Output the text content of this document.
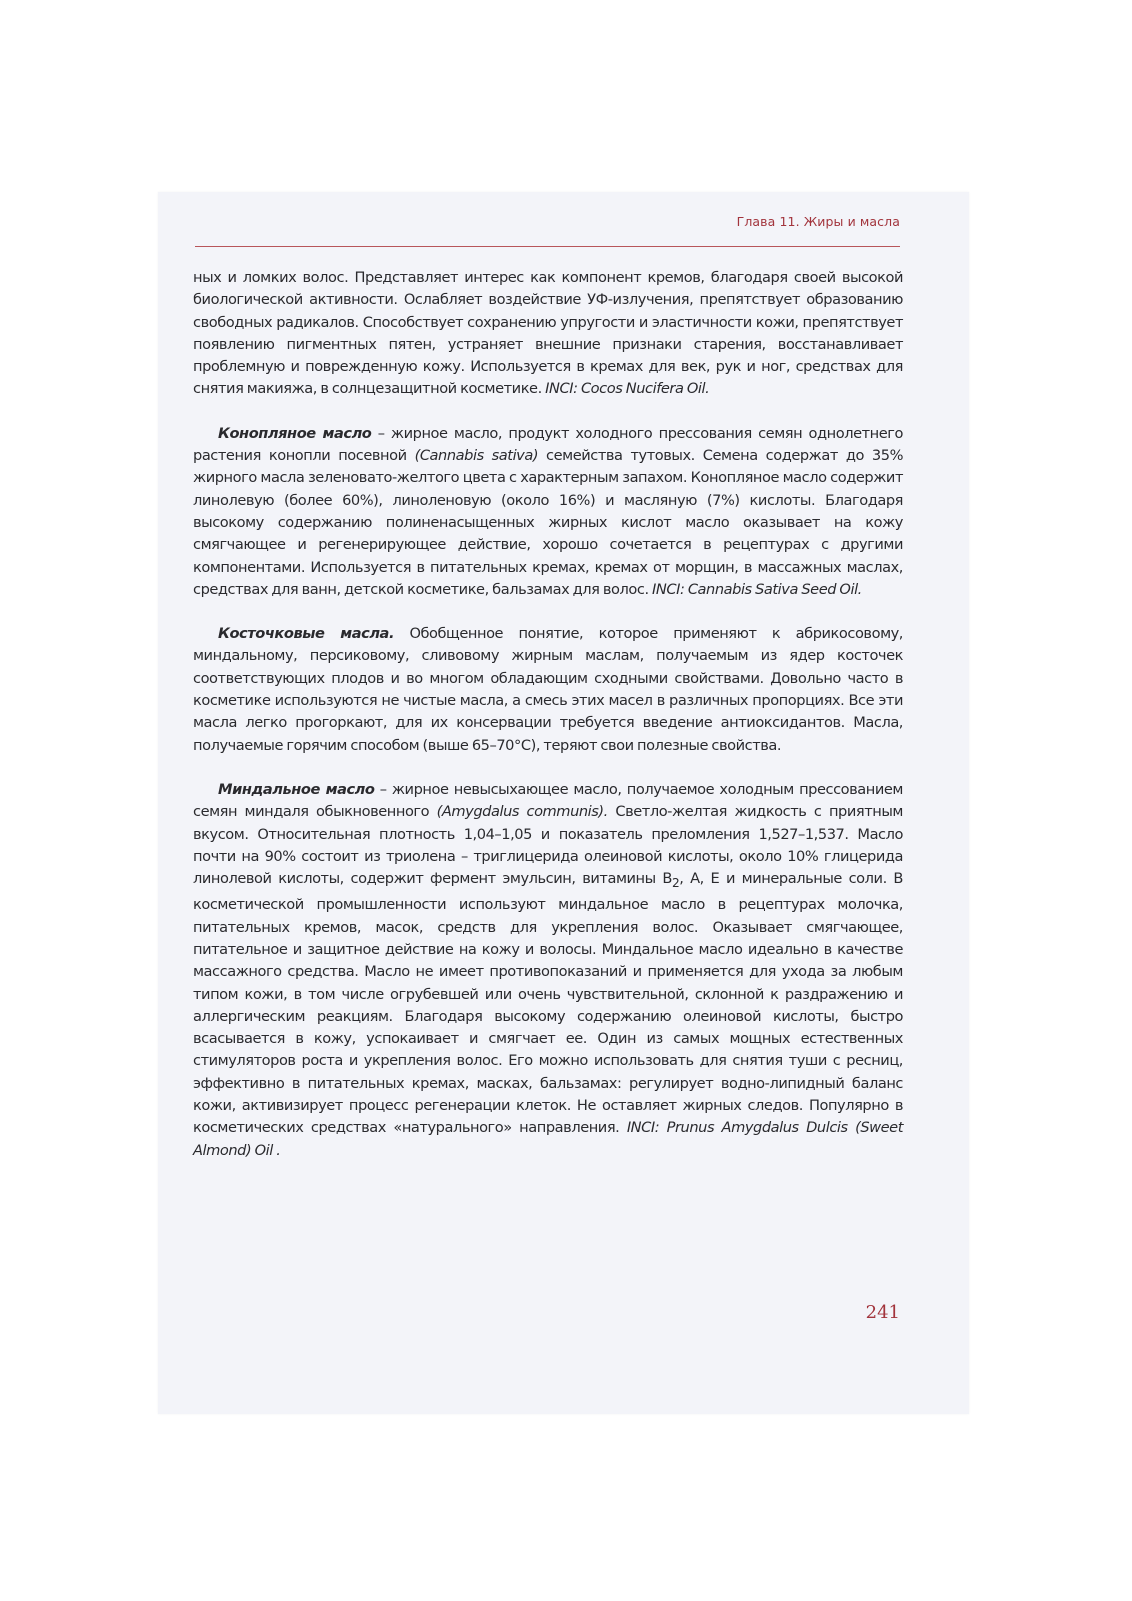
Глава 11. Жиры и масла

ных и ломких волос. Представляет интерес как компонент кремов, благодаря своей высокой биологической активности. Ослабляет воздействие УФ-излучения, препятствует образованию свободных радикалов. Способствует сохранению упругости и эластичности кожи, препятствует появлению пигментных пятен, устраняет внешние признаки старения, восстанавливает проблемную и поврежденную кожу. Используется в кремах для век, рук и ног, средствах для снятия макияжа, в солнцезащитной косметике. INCI: Cocos Nucifera Oil.

Конопляное масло – жирное масло, продукт холодного прессования семян однолетнего растения конопли посевной (Cannabis sativa) семейства тутовых. Семена содержат до 35% жирного масла зеленовато-желтого цвета с характерным запахом. Конопляное масло содержит линолевую (более 60%), линоленовую (около 16%) и масляную (7%) кислоты. Благодаря высокому содержанию полиненасыщенных жирных кислот масло оказывает на кожу смягчающее и регенерирующее действие, хорошо сочетается в рецептурах с другими компонентами. Используется в питательных кремах, кремах от морщин, в массажных маслах, средствах для ванн, детской косметике, бальзамах для волос. INCI: Cannabis Sativa Seed Oil.

Косточковые масла. Обобщенное понятие, которое применяют к абрикосовому, миндальному, персиковому, сливовому жирным маслам, получаемым из ядер косточек соответствующих плодов и во многом обладающим сходными свойствами. Довольно часто в косметике используются не чистые масла, а смесь этих масел в различных пропорциях. Все эти масла легко прогоркают, для их консервации требуется введение антиоксидантов. Масла, получаемые горячим способом (выше 65–70°С), теряют свои полезные свойства.

Миндальное масло – жирное невысыхающее масло, получаемое холодным прессованием семян миндаля обыкновенного (Amygdalus communis). Светло-желтая жидкость с приятным вкусом. Относительная плотность 1,04–1,05 и показатель преломления 1,527–1,537. Масло почти на 90% состоит из триолена – триглицерида олеиновой кислоты, около 10% глицерида линолевой кислоты, содержит фермент эмульсин, витамины $В_2$, А, Е и минеральные соли. В косметической промышленности используют миндальное масло в рецептурах молочка, питательных кремов, масок, средств для укрепления волос. Оказывает смягчающее, питательное и защитное действие на кожу и волосы. Миндальное масло идеально в качестве массажного средства. Масло не имеет противопоказаний и применяется для ухода за любым типом кожи, в том числе огрубевшей или очень чувствительной, склонной к раздражению и аллергическим реакциям. Благодаря высокому содержанию олеиновой кислоты, быстро всасывается в кожу, успокаивает и смягчает ее. Один из самых мощных естественных стимуляторов роста и укрепления волос. Его можно использовать для снятия туши с ресниц, эффективно в питательных кремах, масках, бальзамах: регулирует водно-липидный баланс кожи, активизирует процесс регенерации клеток. Не оставляет жирных следов. Популярно в косметических средствах «натурального» направления. INCI: Prunus Amygdalus Dulcis (Sweet Almond) Oil .

241
